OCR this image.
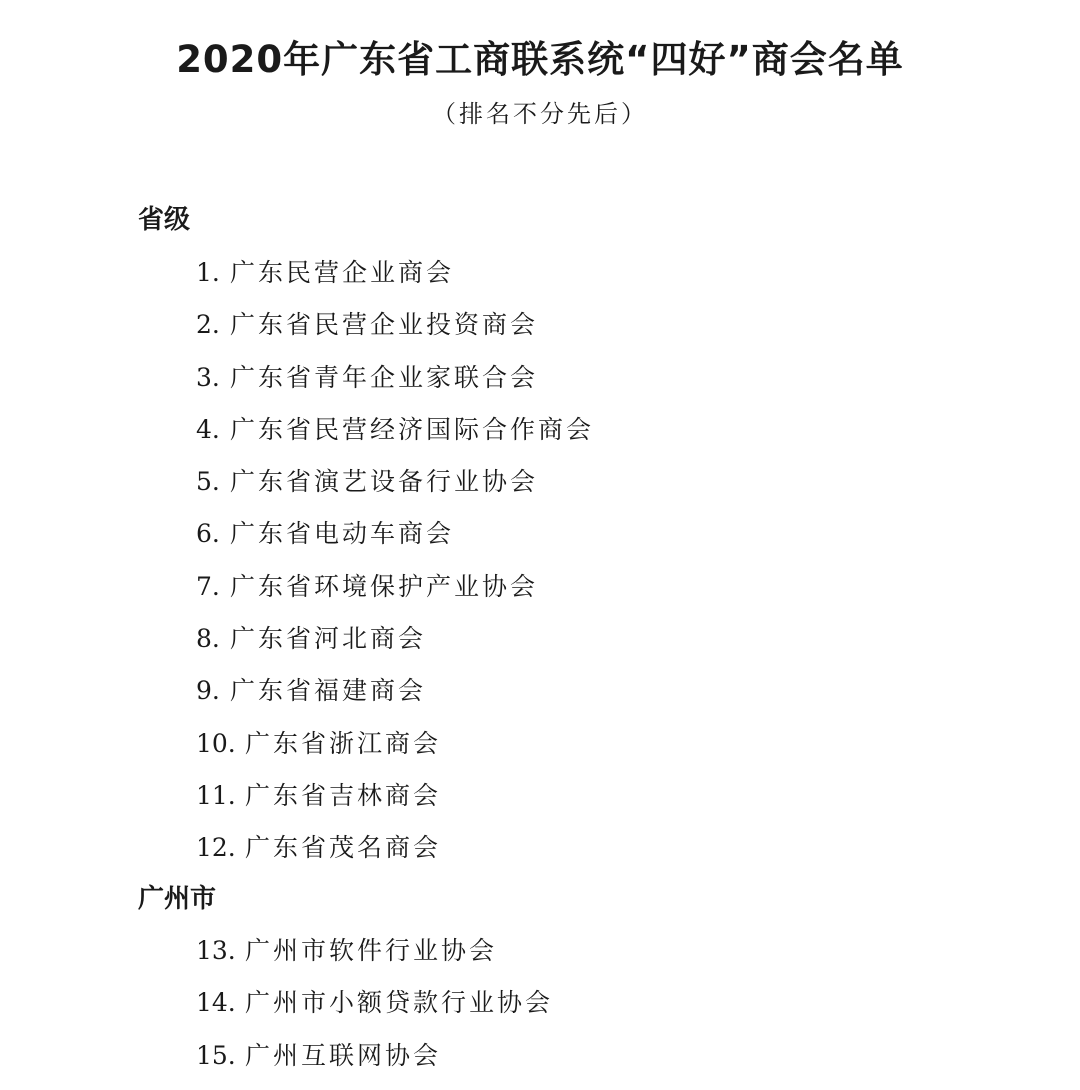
2020年广东省工商联系统“四好”商会名单
（排名不分先后）
省级
1. 广东民营企业商会
2. 广东省民营企业投资商会
3. 广东省青年企业家联合会
4. 广东省民营经济国际合作商会
5. 广东省演艺设备行业协会
6. 广东省电动车商会
7. 广东省环境保护产业协会
8. 广东省河北商会
9. 广东省福建商会
10. 广东省浙江商会
11. 广东省吉林商会
12. 广东省茂名商会
广州市
13. 广州市软件行业协会
14. 广州市小额贷款行业协会
15. 广州互联网协会
